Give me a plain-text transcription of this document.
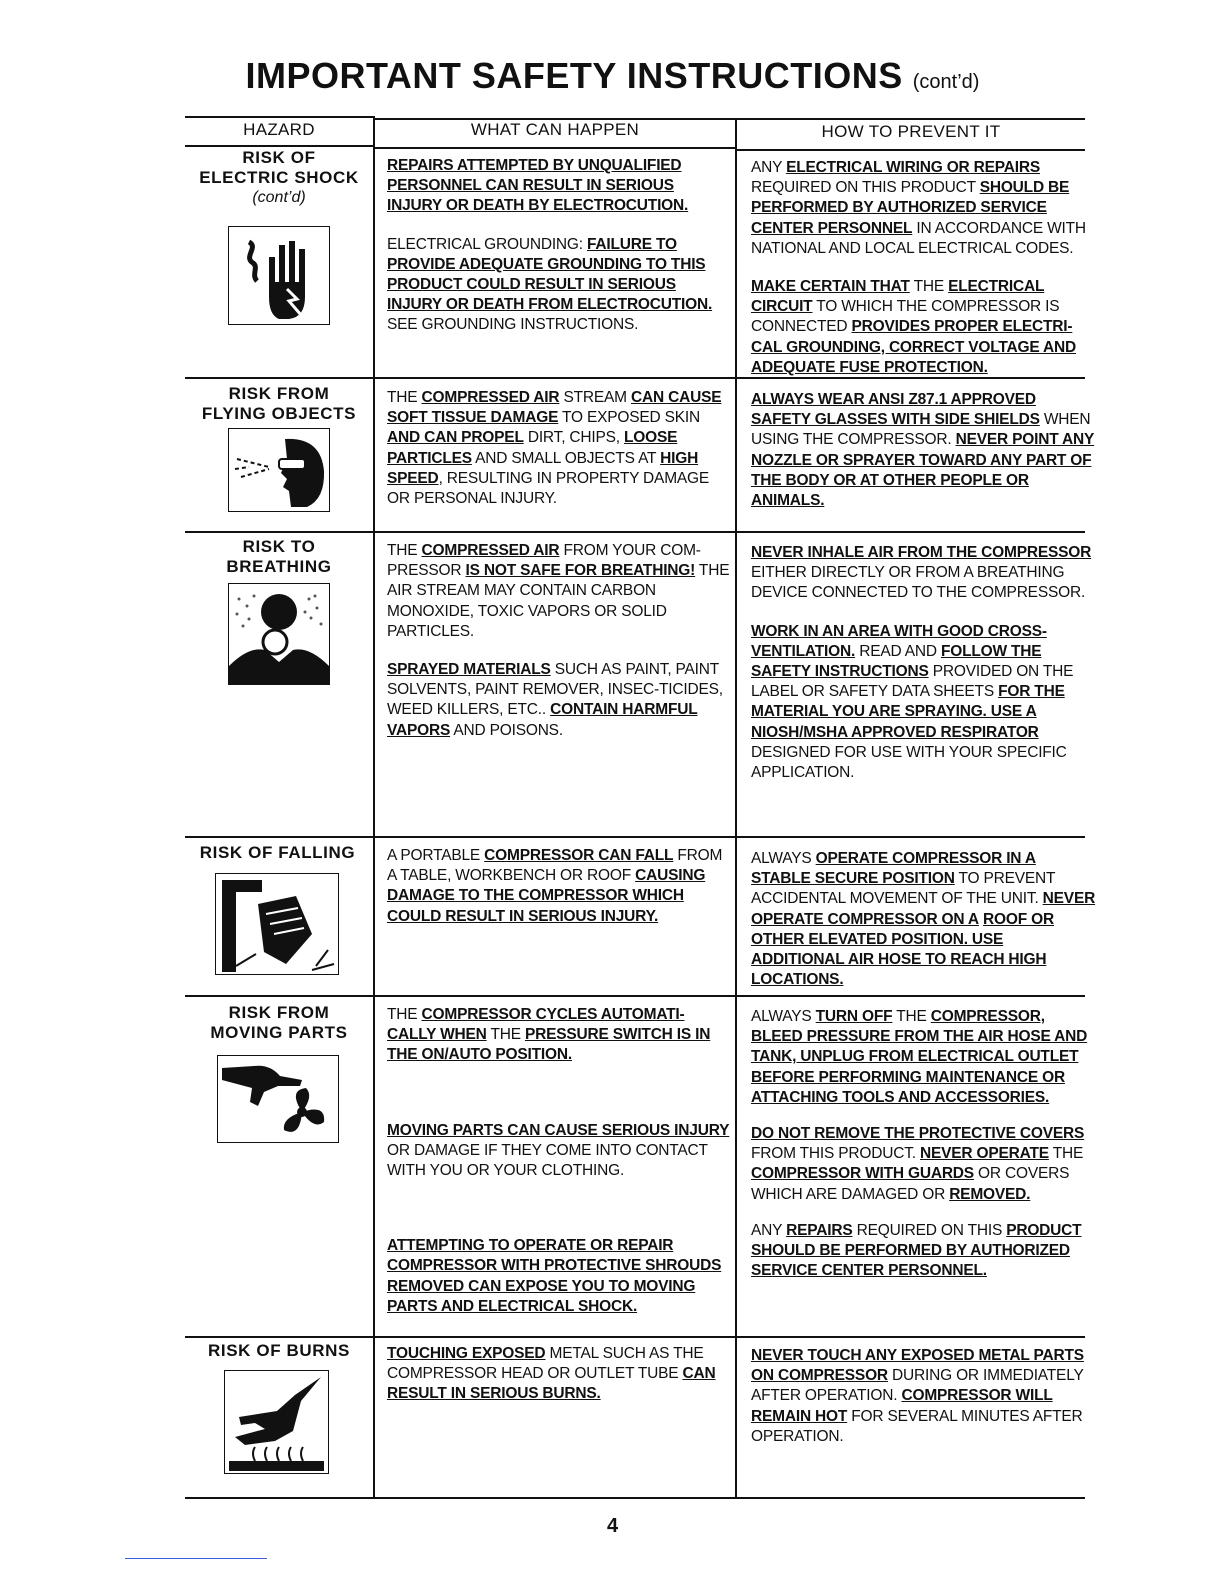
IMPORTANT SAFETY INSTRUCTIONS (cont’d)
HAZARD	WHAT CAN HAPPEN	HOW TO PREVENT IT
RISK OF
ELECTRIC SHOCK
(cont’d)
RISK FROM
FLYING OBJECTS
RISK TO
BREATHING
RISK OF FALLING
RISK FROM
MOVING PARTS
RISK OF BURNS

REPAIRS ATTEMPTED BY UNQUALIFIED PERSONNEL CAN RESULT IN SERIOUS INJURY OR DEATH BY ELECTROCUTION.

ELECTRICAL GROUNDING: FAILURE TO PROVIDE ADEQUATE GROUNDING TO THIS PRODUCT COULD RESULT IN SERIOUS INJURY OR DEATH FROM ELECTROCUTION. SEE GROUNDING INSTRUCTIONS.

ANY ELECTRICAL WIRING OR REPAIRS REQUIRED ON THIS PRODUCT SHOULD BE PERFORMED BY AUTHORIZED SERVICE CENTER PERSONNEL IN ACCORDANCE WITH NATIONAL AND LOCAL ELECTRICAL CODES.

MAKE CERTAIN THAT THE ELECTRICAL CIRCUIT TO WHICH THE COMPRESSOR IS CONNECTED PROVIDES PROPER ELECTRI-CAL GROUNDING, CORRECT VOLTAGE AND ADEQUATE FUSE PROTECTION.

THE COMPRESSED AIR STREAM CAN CAUSE SOFT TISSUE DAMAGE TO EXPOSED SKIN AND CAN PROPEL DIRT, CHIPS, LOOSE PARTICLES AND SMALL OBJECTS AT HIGH SPEED, RESULTING IN PROPERTY DAMAGE OR PERSONAL INJURY.

ALWAYS WEAR ANSI Z87.1 APPROVED SAFETY GLASSES WITH SIDE SHIELDS WHEN USING THE COMPRESSOR. NEVER POINT ANY NOZZLE OR SPRAYER TOWARD ANY PART OF THE BODY OR AT OTHER PEOPLE OR ANIMALS.

THE COMPRESSED AIR FROM YOUR COM-PRESSOR IS NOT SAFE FOR BREATHING! THE AIR STREAM MAY CONTAIN CARBON MONOXIDE, TOXIC VAPORS OR SOLID PARTICLES.

SPRAYED MATERIALS SUCH AS PAINT, PAINT SOLVENTS, PAINT REMOVER, INSEC-TICIDES, WEED KILLERS, ETC.. CONTAIN HARMFUL VAPORS AND POISONS.

NEVER INHALE AIR FROM THE COMPRESSOR EITHER DIRECTLY OR FROM A BREATHING DEVICE CONNECTED TO THE COMPRESSOR.

WORK IN AN AREA WITH GOOD CROSS-VENTILATION. READ AND FOLLOW THE SAFETY INSTRUCTIONS PROVIDED ON THE LABEL OR SAFETY DATA SHEETS FOR THE MATERIAL YOU ARE SPRAYING. USE A NIOSH/MSHA APPROVED RESPIRATOR DESIGNED FOR USE WITH YOUR SPECIFIC APPLICATION.

A PORTABLE COMPRESSOR CAN FALL FROM A TABLE, WORKBENCH OR ROOF CAUSING DAMAGE TO THE COMPRESSOR WHICH COULD RESULT IN SERIOUS INJURY.

ALWAYS OPERATE COMPRESSOR IN A STABLE SECURE POSITION TO PREVENT ACCIDENTAL MOVEMENT OF THE UNIT. NEVER OPERATE COMPRESSOR ON A ROOF OR OTHER ELEVATED POSITION. USE ADDITIONAL AIR HOSE TO REACH HIGH LOCATIONS.

THE COMPRESSOR CYCLES AUTOMATI-CALLY WHEN THE PRESSURE SWITCH IS IN THE ON/AUTO POSITION.

MOVING PARTS CAN CAUSE SERIOUS INJURY OR DAMAGE IF THEY COME INTO CONTACT WITH YOU OR YOUR CLOTHING.

ATTEMPTING TO OPERATE OR REPAIR COMPRESSOR WITH PROTECTIVE SHROUDS REMOVED CAN EXPOSE YOU TO MOVING PARTS AND ELECTRICAL SHOCK.

ALWAYS TURN OFF THE COMPRESSOR, BLEED PRESSURE FROM THE AIR HOSE AND TANK, UNPLUG FROM ELECTRICAL OUTLET BEFORE PERFORMING MAINTENANCE OR ATTACHING TOOLS AND ACCESSORIES.

DO NOT REMOVE THE PROTECTIVE COVERS FROM THIS PRODUCT. NEVER OPERATE THE COMPRESSOR WITH GUARDS OR COVERS WHICH ARE DAMAGED OR REMOVED.

ANY REPAIRS REQUIRED ON THIS PRODUCT SHOULD BE PERFORMED BY AUTHORIZED SERVICE CENTER PERSONNEL.

TOUCHING EXPOSED METAL SUCH AS THE COMPRESSOR HEAD OR OUTLET TUBE CAN RESULT IN SERIOUS BURNS.

NEVER TOUCH ANY EXPOSED METAL PARTS ON COMPRESSOR DURING OR IMMEDIATELY AFTER OPERATION. COMPRESSOR WILL REMAIN HOT FOR SEVERAL MINUTES AFTER OPERATION.

4
